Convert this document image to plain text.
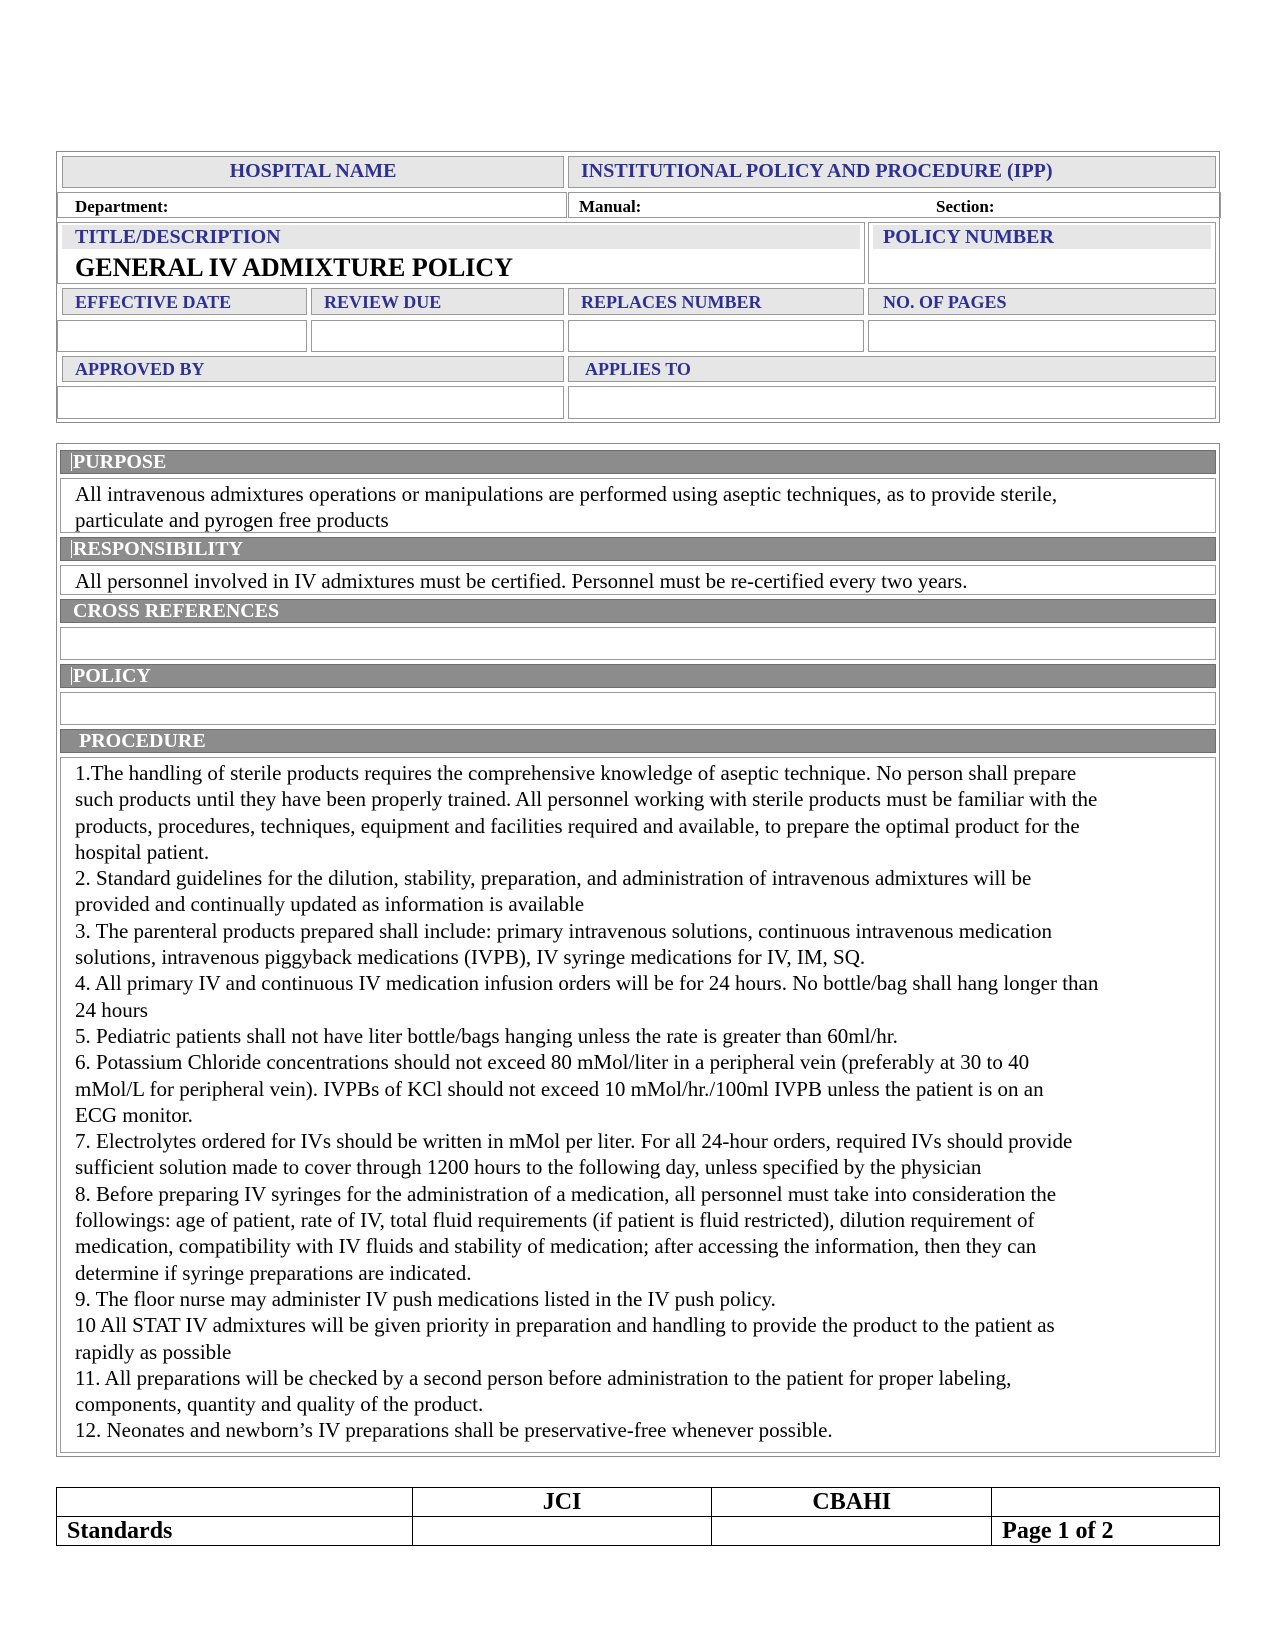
HOSPITAL NAME	INSTITUTIONAL POLICY AND PROCEDURE (IPP)
Department:	Manual:	Section:
TITLE/DESCRIPTION
GENERAL IV ADMIXTURE POLICY
POLICY NUMBER
EFFECTIVE DATE	REVIEW DUE	REPLACES NUMBER	NO. OF PAGES
APPROVED BY	APPLIES TO
PURPOSE
All intravenous admixtures operations or manipulations are performed using aseptic techniques, as to provide sterile,
particulate and pyrogen free products
RESPONSIBILITY
All personnel involved in IV admixtures must be certified. Personnel must be re-certified every two years.
CROSS REFERENCES
POLICY
PROCEDURE
1.The handling of sterile products requires the comprehensive knowledge of aseptic technique. No person shall prepare
such products until they have been properly trained. All personnel working with sterile products must be familiar with the
products, procedures, techniques, equipment and facilities required and available, to prepare the optimal product for the
hospital patient.
2. Standard guidelines for the dilution, stability, preparation, and administration of intravenous admixtures will be
provided and continually updated as information is available
3. The parenteral products prepared shall include: primary intravenous solutions, continuous intravenous medication
solutions, intravenous piggyback medications (IVPB), IV syringe medications for IV, IM, SQ.
4. All primary IV and continuous IV medication infusion orders will be for 24 hours. No bottle/bag shall hang longer than
24 hours
5. Pediatric patients shall not have liter bottle/bags hanging unless the rate is greater than 60ml/hr.
6. Potassium Chloride concentrations should not exceed 80 mMol/liter in a peripheral vein (preferably at 30 to 40
mMol/L for peripheral vein). IVPBs of KCl should not exceed 10 mMol/hr./100ml IVPB unless the patient is on an
ECG monitor.
7. Electrolytes ordered for IVs should be written in mMol per liter. For all 24-hour orders, required IVs should provide
sufficient solution made to cover through 1200 hours to the following day, unless specified by the physician
8. Before preparing IV syringes for the administration of a medication, all personnel must take into consideration the
followings: age of patient, rate of IV, total fluid requirements (if patient is fluid restricted), dilution requirement of
medication, compatibility with IV fluids and stability of medication; after accessing the information, then they can
determine if syringe preparations are indicated.
9. The floor nurse may administer IV push medications listed in the IV push policy.
10 All STAT IV admixtures will be given priority in preparation and handling to provide the product to the patient as
rapidly as possible
11. All preparations will be checked by a second person before administration to the patient for proper labeling,
components, quantity and quality of the product.
12. Neonates and newborn’s IV preparations shall be preservative-free whenever possible.
	JCI	CBAHI	
Standards			Page 1 of 2
